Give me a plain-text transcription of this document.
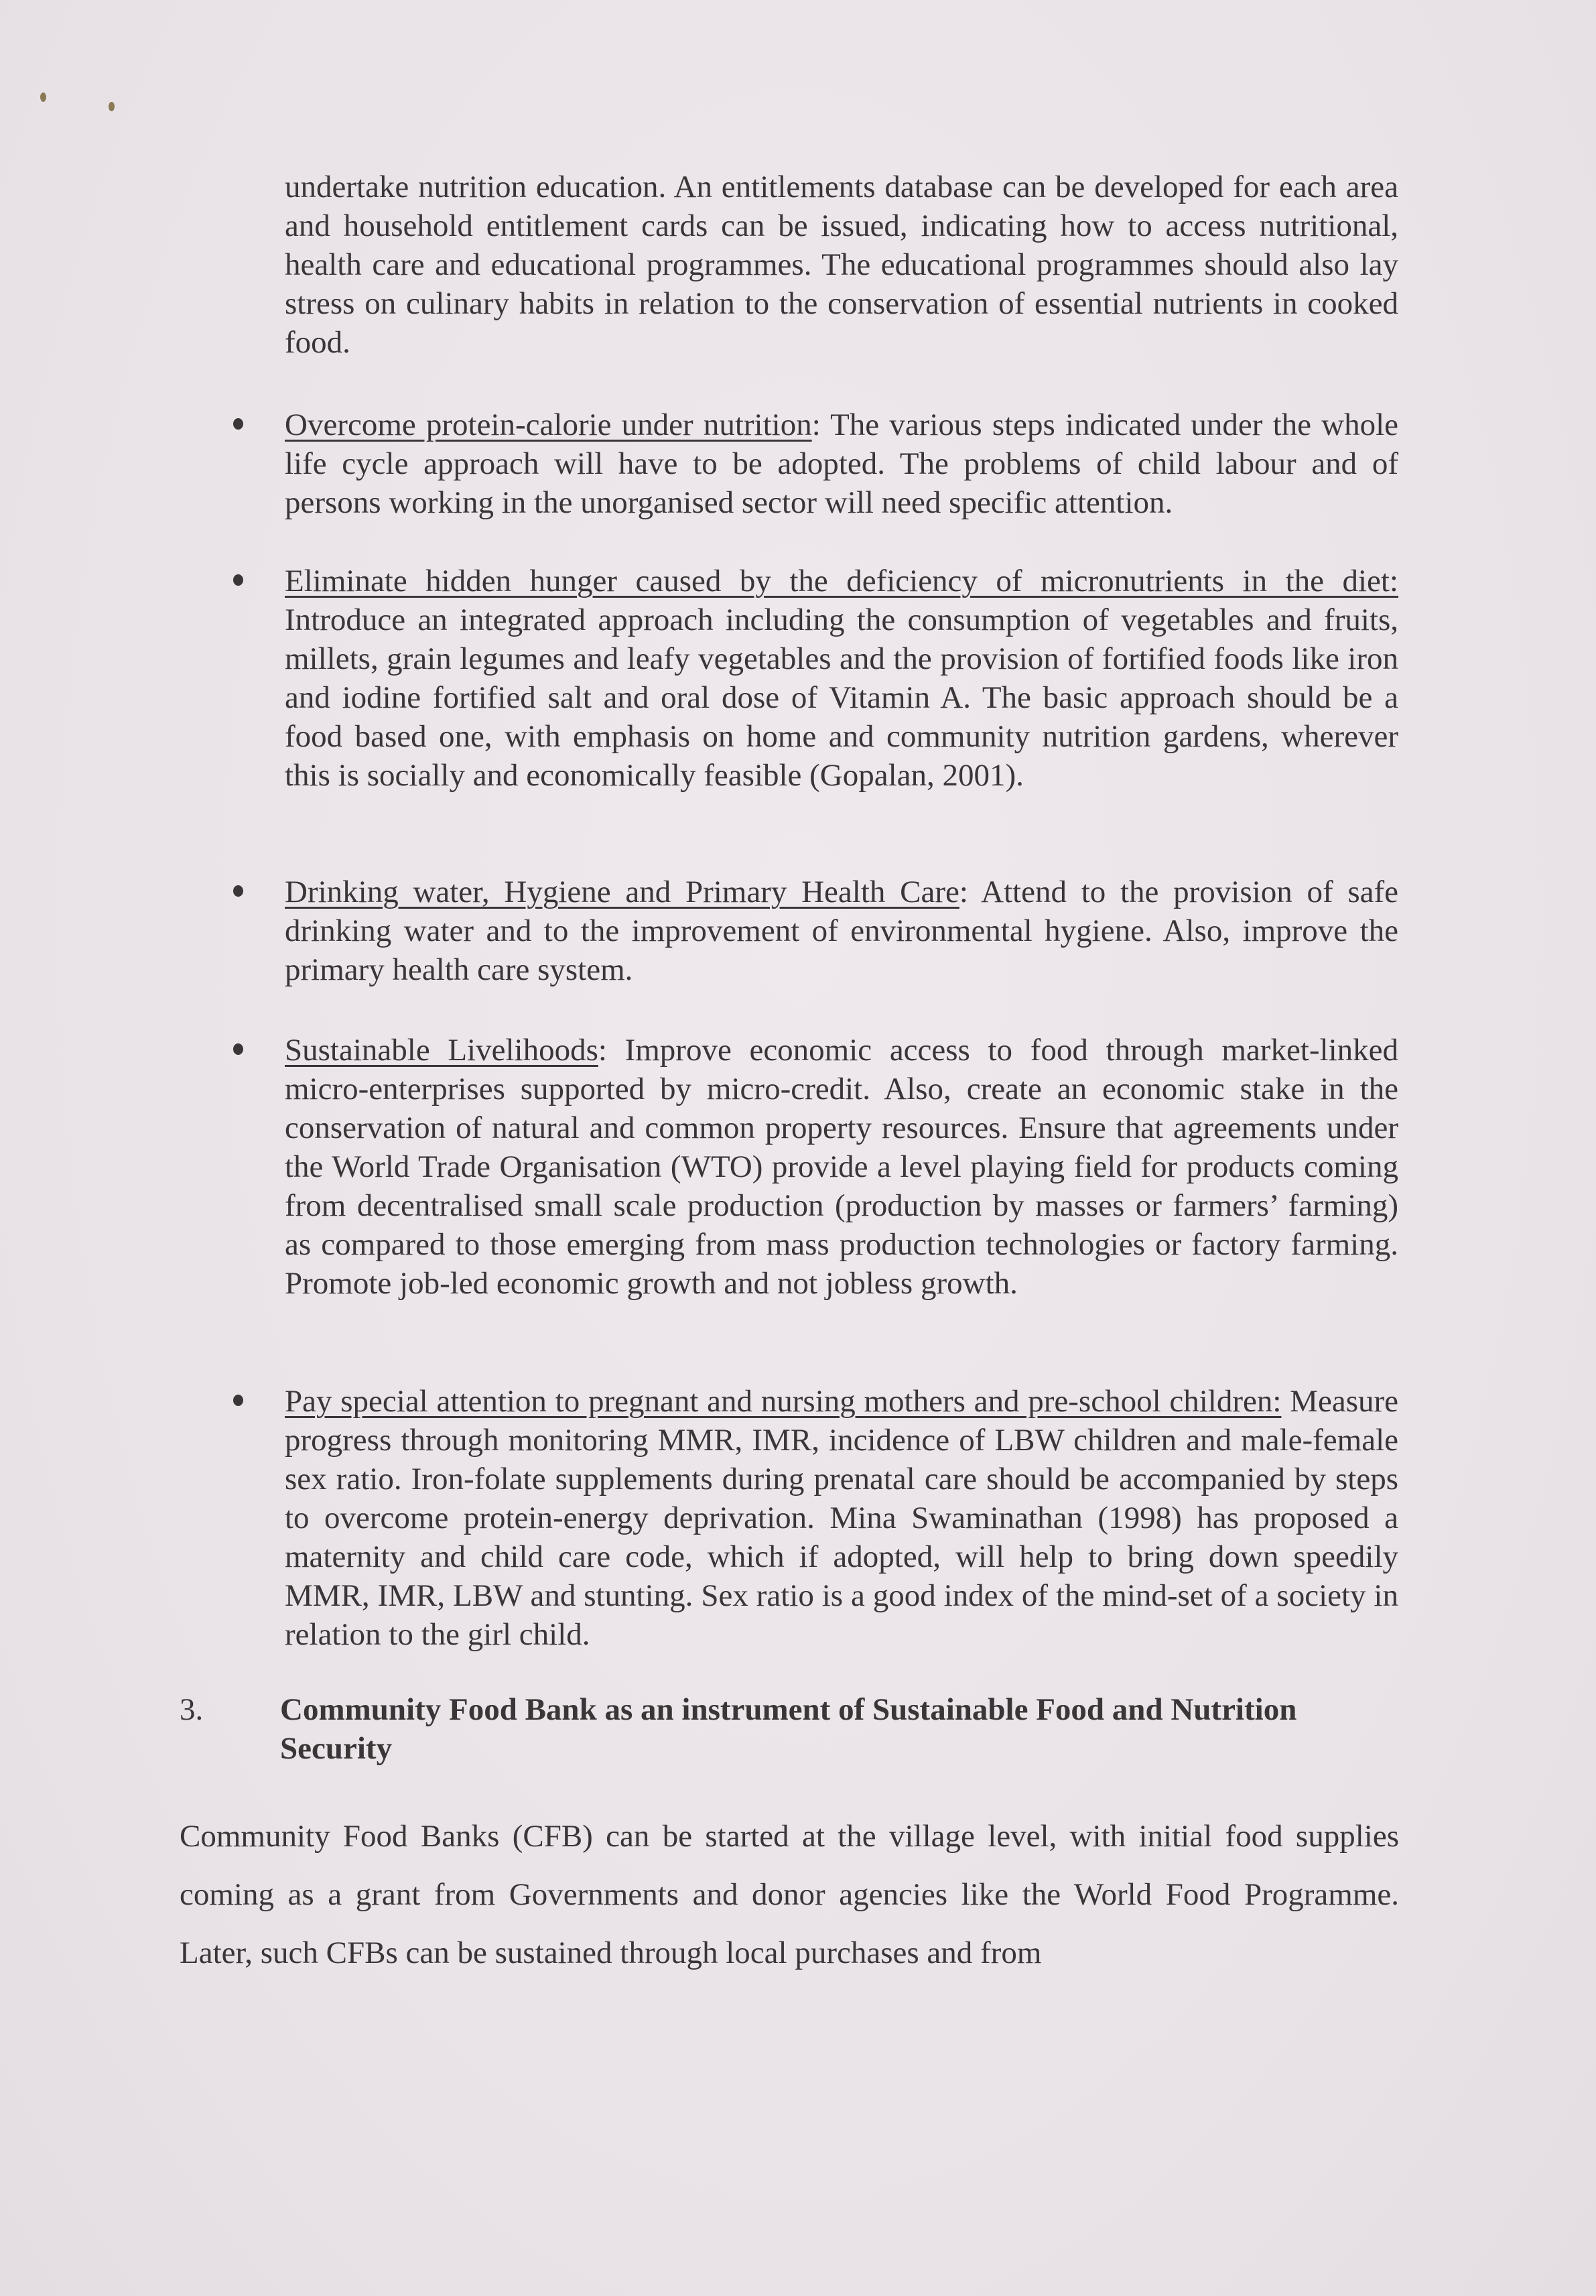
undertake nutrition education. An entitlements database can be developed for each area and household entitlement cards can be issued, indicating how to access nutritional, health care and educational programmes. The educational programmes should also lay stress on culinary habits in relation to the conservation of essential nutrients in cooked food.
Overcome protein-calorie under nutrition: The various steps indicated under the whole life cycle approach will have to be adopted. The problems of child labour and of persons working in the unorganised sector will need specific attention.
Eliminate hidden hunger caused by the deficiency of micronutrients in the diet: Introduce an integrated approach including the consumption of vegetables and fruits, millets, grain legumes and leafy vegetables and the provision of fortified foods like iron and iodine fortified salt and oral dose of Vitamin A. The basic approach should be a food based one, with emphasis on home and community nutrition gardens, wherever this is socially and economically feasible (Gopalan, 2001).
Drinking water, Hygiene and Primary Health Care: Attend to the provision of safe drinking water and to the improvement of environmental hygiene. Also, improve the primary health care system.
Sustainable Livelihoods: Improve economic access to food through market-linked micro-enterprises supported by micro-credit. Also, create an economic stake in the conservation of natural and common property resources. Ensure that agreements under the World Trade Organisation (WTO) provide a level playing field for products coming from decentralised small scale production (production by masses or farmers’ farming) as compared to those emerging from mass production technologies or factory farming. Promote job-led economic growth and not jobless growth.
Pay special attention to pregnant and nursing mothers and pre-school children: Measure progress through monitoring MMR, IMR, incidence of LBW children and male-female sex ratio. Iron-folate supplements during prenatal care should be accompanied by steps to overcome protein-energy deprivation. Mina Swaminathan (1998) has proposed a maternity and child care code, which if adopted, will help to bring down speedily MMR, IMR, LBW and stunting. Sex ratio is a good index of the mind-set of a society in relation to the girl child.
3. Community Food Bank as an instrument of Sustainable Food and Nutrition Security
Community Food Banks (CFB) can be started at the village level, with initial food supplies coming as a grant from Governments and donor agencies like the World Food Programme. Later, such CFBs can be sustained through local purchases and from
